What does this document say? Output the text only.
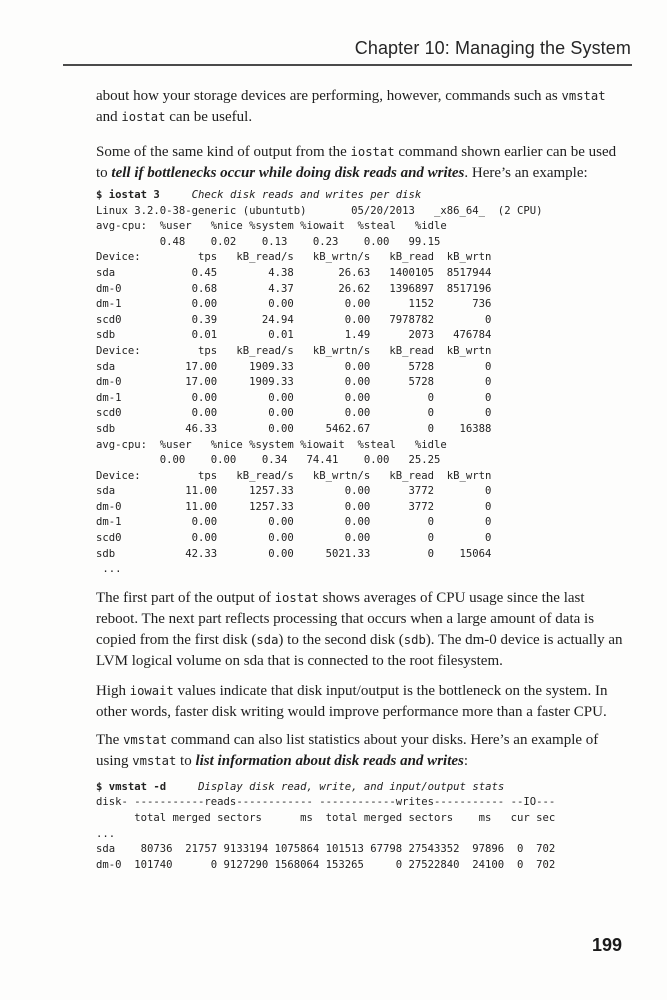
Chapter 10: Managing the System

about how your storage devices are performing, however, commands such as vmstat and iostat can be useful.

Some of the same kind of output from the iostat command shown earlier can be used to tell if bottlenecks occur while doing disk reads and writes. Here’s an example:

$ iostat 3	Check disk reads and writes per disk
Linux 3.2.0-38-generic (ubuntutb)       05/20/2013   _x86_64_  (2 CPU)
avg-cpu:  %user   %nice %system %iowait  %steal   %idle
0.48    0.02    0.13    0.23    0.00   99.15
Device:         tps   kB_read/s   kB_wrtn/s   kB_read  kB_wrtn
sda            0.45        4.38       26.63   1400105  8517944
dm-0           0.68        4.37       26.62   1396897  8517196
dm-1           0.00        0.00        0.00      1152      736
scd0           0.39       24.94        0.00   7978782        0
sdb            0.01        0.01        1.49      2073   476784
Device:         tps   kB_read/s   kB_wrtn/s   kB_read  kB_wrtn
sda           17.00     1909.33        0.00      5728        0
dm-0          17.00     1909.33        0.00      5728        0
dm-1           0.00        0.00        0.00         0        0
scd0           0.00        0.00        0.00         0        0
sdb           46.33        0.00     5462.67         0    16388
avg-cpu:  %user   %nice %system %iowait  %steal   %idle
0.00    0.00    0.34   74.41    0.00   25.25
Device:         tps   kB_read/s   kB_wrtn/s   kB_read  kB_wrtn
sda           11.00     1257.33        0.00      3772        0
dm-0          11.00     1257.33        0.00      3772        0
dm-1           0.00        0.00        0.00         0        0
scd0           0.00        0.00        0.00         0        0
sdb           42.33        0.00     5021.33         0    15064
...

The first part of the output of iostat shows averages of CPU usage since the last reboot. The next part reflects processing that occurs when a large amount of data is copied from the first disk (sda) to the second disk (sdb). The dm-0 device is actually an LVM logical volume on sda that is connected to the root filesystem.

High iowait values indicate that disk input/output is the bottleneck on the system. In other words, faster disk writing would improve performance more than a faster CPU.

The vmstat command can also list statistics about your disks. Here’s an example of using vmstat to list information about disk reads and writes:

$ vmstat -d	Display disk read, write, and input/output stats
disk- -----------reads------------ ------------writes----------- --IO---
total merged sectors      ms  total merged sectors    ms   cur sec
...
sda    80736  21757 9133194 1075864 101513 67798 27543352  97896  0  702
dm-0  101740      0 9127290 1568064 153265     0 27522840  24100  0  702
199
